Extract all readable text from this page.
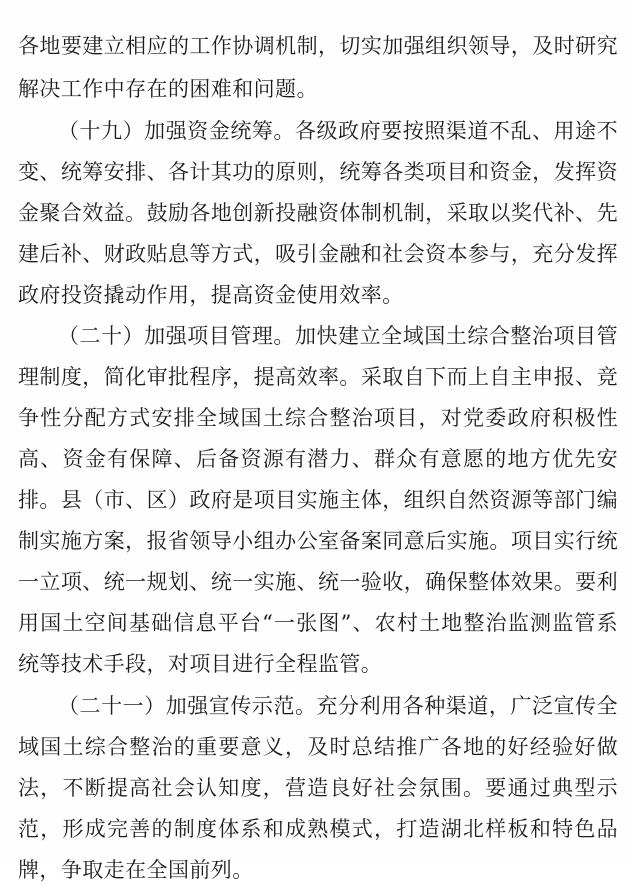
各地要建立相应的工作协调机制，切实加强组织领导，及时研究
解决工作中存在的困难和问题。
（十九）加强资金统筹。各级政府要按照渠道不乱、用途不
变、统筹安排、各计其功的原则，统筹各类项目和资金，发挥资
金聚合效益。鼓励各地创新投融资体制机制，采取以奖代补、先
建后补、财政贴息等方式，吸引金融和社会资本参与，充分发挥
政府投资撬动作用，提高资金使用效率。
（二十）加强项目管理。加快建立全域国土综合整治项目管
理制度，简化审批程序，提高效率。采取自下而上自主申报、竞
争性分配方式安排全域国土综合整治项目，对党委政府积极性
高、资金有保障、后备资源有潜力、群众有意愿的地方优先安
排。县（市、区）政府是项目实施主体，组织自然资源等部门编
制实施方案，报省领导小组办公室备案同意后实施。项目实行统
一立项、统一规划、统一实施、统一验收，确保整体效果。要利
用国土空间基础信息平台“一张图”、农村土地整治监测监管系
统等技术手段，对项目进行全程监管。
（二十一）加强宣传示范。充分利用各种渠道，广泛宣传全
域国土综合整治的重要意义，及时总结推广各地的好经验好做
法，不断提高社会认知度，营造良好社会氛围。要通过典型示
范，形成完善的制度体系和成熟模式，打造湖北样板和特色品
牌，争取走在全国前列。
